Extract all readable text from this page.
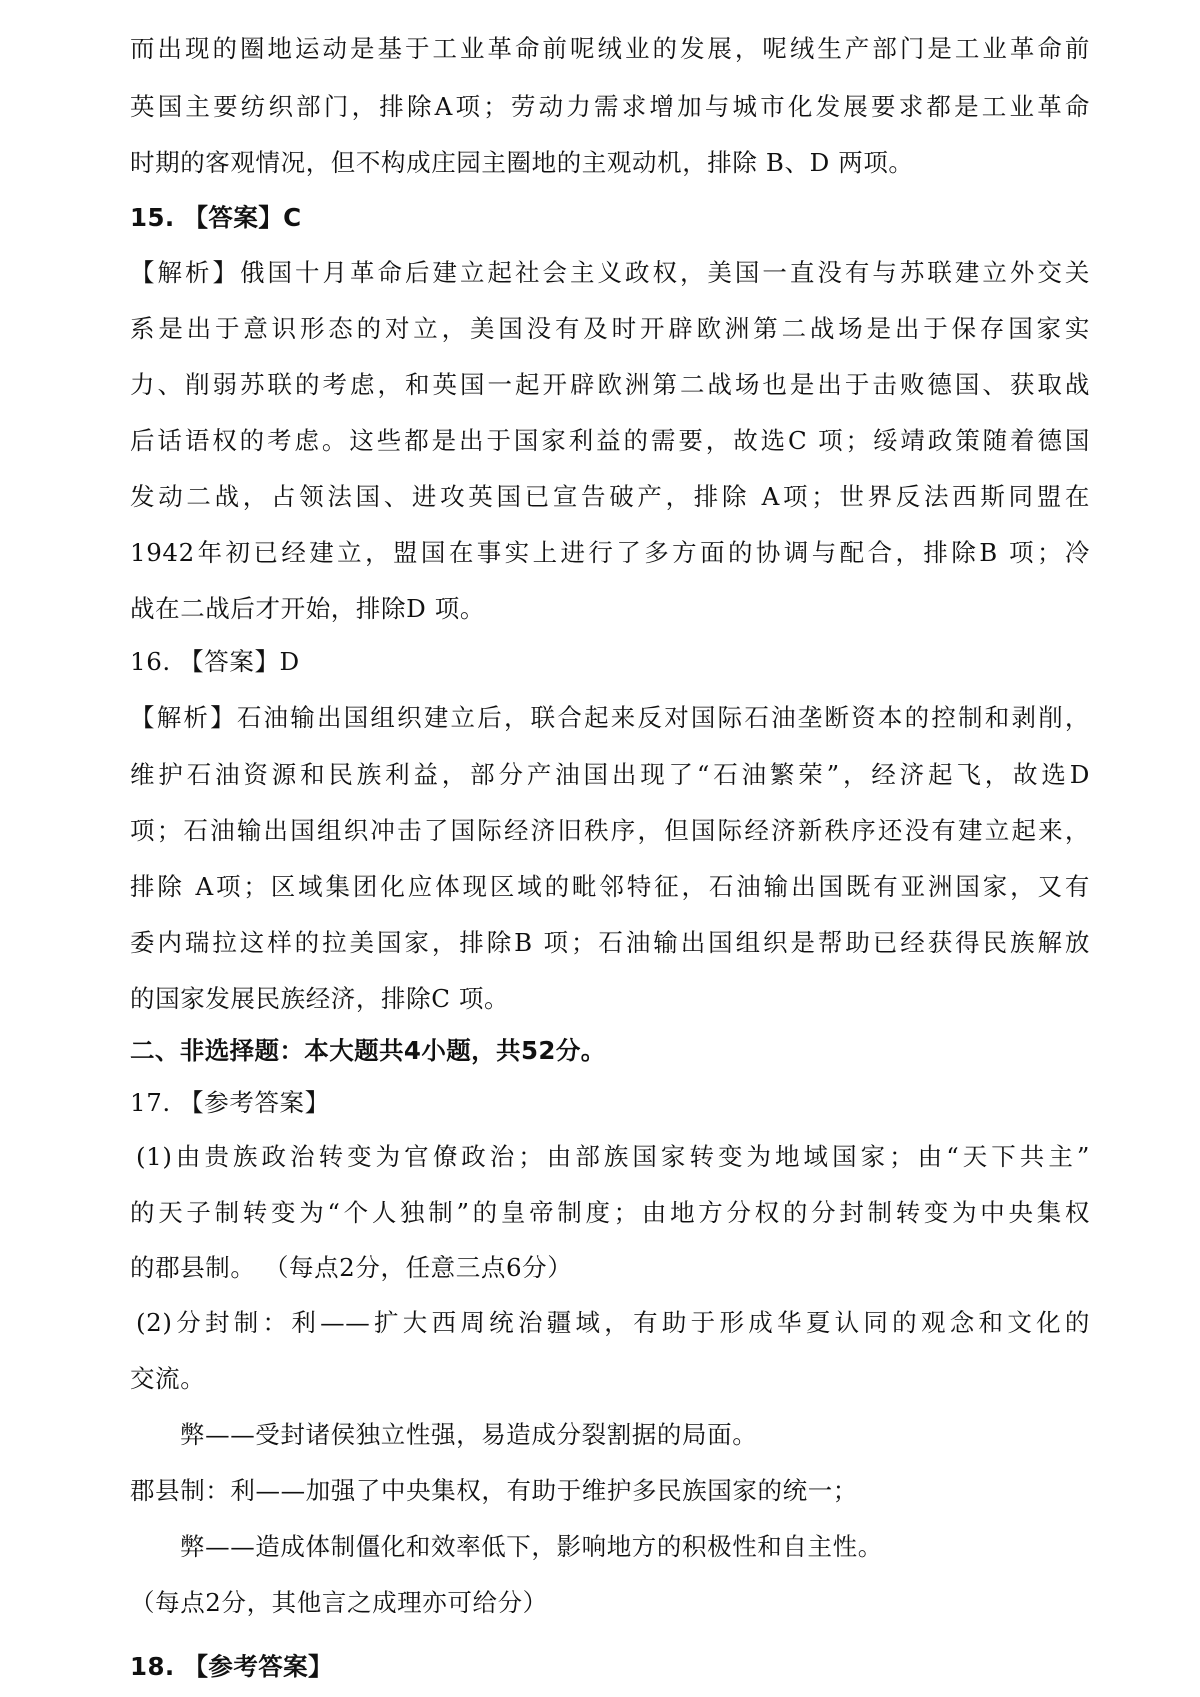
而出现的圈地运动是基于工业革命前呢绒业的发展，呢绒生产部门是工业革命前
英国主要纺织部门，排除A项；劳动力需求增加与城市化发展要求都是工业革命
时期的客观情况，但不构成庄园主圈地的主观动机，排除 B、D 两项。
15. 【答案】C
【解析】俄国十月革命后建立起社会主义政权，美国一直没有与苏联建立外交关
系是出于意识形态的对立，美国没有及时开辟欧洲第二战场是出于保存国家实
力、削弱苏联的考虑，和英国一起开辟欧洲第二战场也是出于击败德国、获取战
后话语权的考虑。这些都是出于国家利益的需要，故选C 项；绥靖政策随着德国
发动二战，占领法国、进攻英国已宣告破产，排除 A项；世界反法西斯同盟在
1942年初已经建立，盟国在事实上进行了多方面的协调与配合，排除B 项；冷
战在二战后才开始，排除D 项。
16. 【答案】D
【解析】石油输出国组织建立后，联合起来反对国际石油垄断资本的控制和剥削，
维护石油资源和民族利益，部分产油国出现了“石油繁荣”，经济起飞，故选D
项；石油输出国组织冲击了国际经济旧秩序，但国际经济新秩序还没有建立起来，
排除 A项；区域集团化应体现区域的毗邻特征，石油输出国既有亚洲国家，又有
委内瑞拉这样的拉美国家，排除B 项；石油输出国组织是帮助已经获得民族解放
的国家发展民族经济，排除C 项。
二、非选择题：本大题共4小题，共52分。
17. 【参考答案】
(1)由贵族政治转变为官僚政治；由部族国家转变为地域国家；由“天下共主”
的天子制转变为“个人独制”的皇帝制度；由地方分权的分封制转变为中央集权
的郡县制。 （每点2分，任意三点6分）
(2)分封制：利——扩大西周统治疆域，有助于形成华夏认同的观念和文化的
交流。
弊——受封诸侯独立性强，易造成分裂割据的局面。
郡县制：利——加强了中央集权，有助于维护多民族国家的统一；
弊——造成体制僵化和效率低下，影响地方的积极性和自主性。
（每点2分，其他言之成理亦可给分）
18. 【参考答案】
